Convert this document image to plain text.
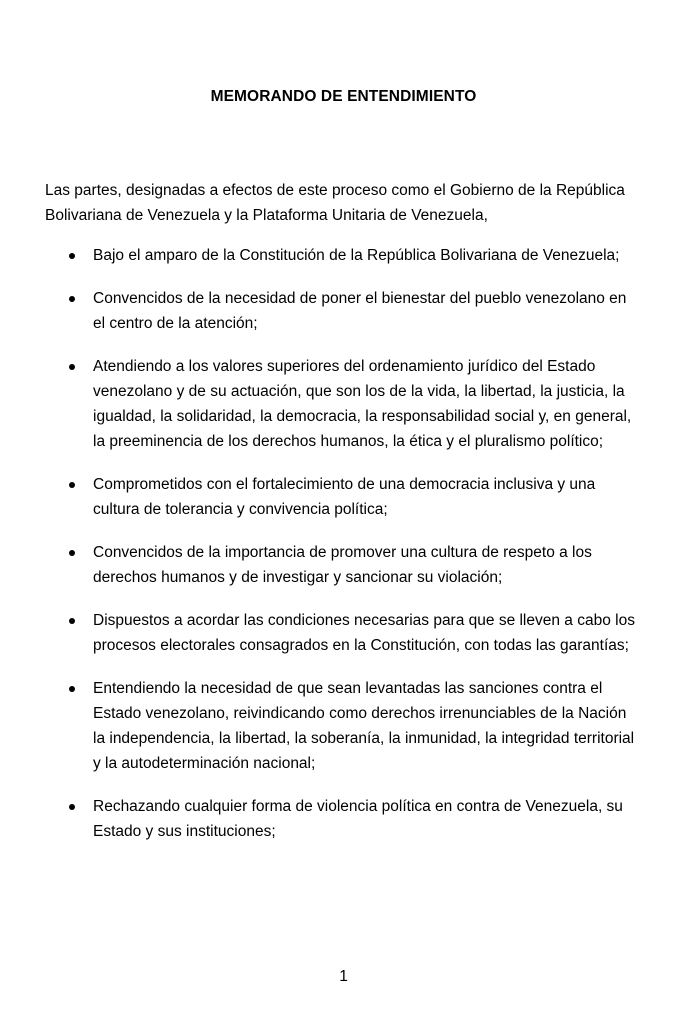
MEMORANDO DE ENTENDIMIENTO
Las partes, designadas a efectos de este proceso como el Gobierno de la República Bolivariana de Venezuela y la Plataforma Unitaria de Venezuela,
Bajo el amparo de la Constitución de la República Bolivariana de Venezuela;
Convencidos de la necesidad de poner el bienestar del pueblo venezolano en el centro de la atención;
Atendiendo a los valores superiores del ordenamiento jurídico del Estado venezolano y de su actuación, que son los de la vida, la libertad, la justicia, la igualdad, la solidaridad, la democracia, la responsabilidad social y, en general, la preeminencia de los derechos humanos, la ética y el pluralismo político;
Comprometidos con el fortalecimiento de una democracia inclusiva y una cultura de tolerancia y convivencia política;
Convencidos de la importancia de promover una cultura de respeto a los derechos humanos y de investigar y sancionar su violación;
Dispuestos a acordar las condiciones necesarias para que se lleven a cabo los procesos electorales consagrados en la Constitución, con todas las garantías;
Entendiendo la necesidad de que sean levantadas las sanciones contra el Estado venezolano, reivindicando como derechos irrenunciables de la Nación la independencia, la libertad, la soberanía, la inmunidad, la integridad territorial y la autodeterminación nacional;
Rechazando cualquier forma de violencia política en contra de Venezuela, su Estado y sus instituciones;
1
